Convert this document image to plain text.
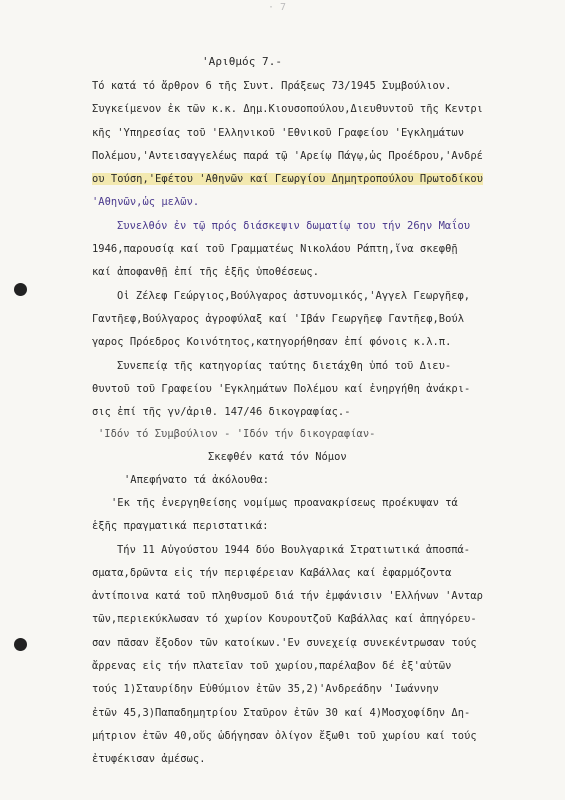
· 7
'Αριθμός 7.-
Τό κατά τό ἄρθρον 6 τῆς Συντ. Πράξεως 73/1945 Συμβούλιον.
Συγκείμενον ἐκ τῶν κ.κ. Δημ.Κιουσοπούλου,Διευθυντοῦ τῆς Κεντρι
κῆς 'Υπηρεσίας τοῦ 'Ελληνικοῦ 'Εθνικοῦ Γραφείου 'Εγκλημάτων
Πολέμου,'Αντεισαγγελέως παρά τῷ 'Αρείῳ Πάγῳ,ὡς Προέδρου,'Ανδρέ
ου Τούση,'Εφέτου 'Αθηνῶν καί Γεωργίου Δημητροπούλου Πρωτοδίκου
'Αθηνῶν,ὡς μελῶν.
Συνελθόν ἐν τῷ πρός διάσκεψιν δωματίῳ του τήν 26ην Μαΐου
1946,παρουσίᾳ καί τοῦ Γραμματέως Νικολάου Ράπτη,ἵνα σκεφθῇ
καί ἀποφανθῇ ἐπί τῆς ἑξῆς ὑποθέσεως.
Οἱ Ζέλεφ Γεώργιος,Βούλγαρος ἀστυνομικός,'Αγγελ Γεωργῆεφ,
Γαντῆεφ,Βούλγαρος ἀγροφύλαξ καί 'Ιβάν Γεωργῆεφ Γαντῆεφ,Βούλ
γαρος Πρόεδρος Κοινότητος,κατηγορήθησαν ἐπί φόνοις κ.λ.π.
Συνεπείᾳ τῆς κατηγορίας ταύτης διετάχθη ὑπό τοῦ Διευ-
θυντοῦ τοῦ Γραφείου 'Εγκλημάτων Πολέμου καί ἐνηργήθη ἀνάκρι-
σις ἐπί τῆς γν/ἀριθ. 147/46 δικογραφίας.-
'Ιδόν τό Συμβούλιον - 'Ιδόν τήν δικογραφίαν-
Σκεφθέν κατά τόν Νόμον
'Απεφήνατο τά ἀκόλουθα:
'Εκ τῆς ἐνεργηθείσης νομίμως προανακρίσεως προέκυψαν τά
ἑξῆς πραγματικά περιστατικά:
Τήν 11 Αὐγούστου 1944 δύο Βουλγαρικά Στρατιωτικά ἀποσπά-
σματα,δρῶντα εἰς τήν περιφέρειαν Καβάλλας καί ἐφαρμόζοντα
ἀντίποινα κατά τοῦ πληθυσμοῦ διά τήν ἐμφάνισιν 'Ελλήνων 'Ανταρ
τῶν,περιεκύκλωσαν τό χωρίον Κουρουτζοῦ Καβάλλας καί ἀπηγόρευ-
σαν πᾶσαν ἔξοδον τῶν κατοίκων.'Εν συνεχείᾳ συνεκέντρωσαν τούς
ἄρρενας εἰς τήν πλατεῖαν τοῦ χωρίου,παρέλαβον δέ ἐξ'αὐτῶν
τούς 1)Σταυρίδην Εὐθύμιον ἐτῶν 35,2)'Ανδρεάδην 'Ιωάννην
ἐτῶν 45,3)Παπαδημητρίου Σταῦρον ἐτῶν 30 καί 4)Μοσχοφίδην Δη-
μήτριον ἐτῶν 40,οὕς ὡδήγησαν ὀλίγον ἔξωθι τοῦ χωρίου καί τούς
ἐτυφέκισαν ἀμέσως.
